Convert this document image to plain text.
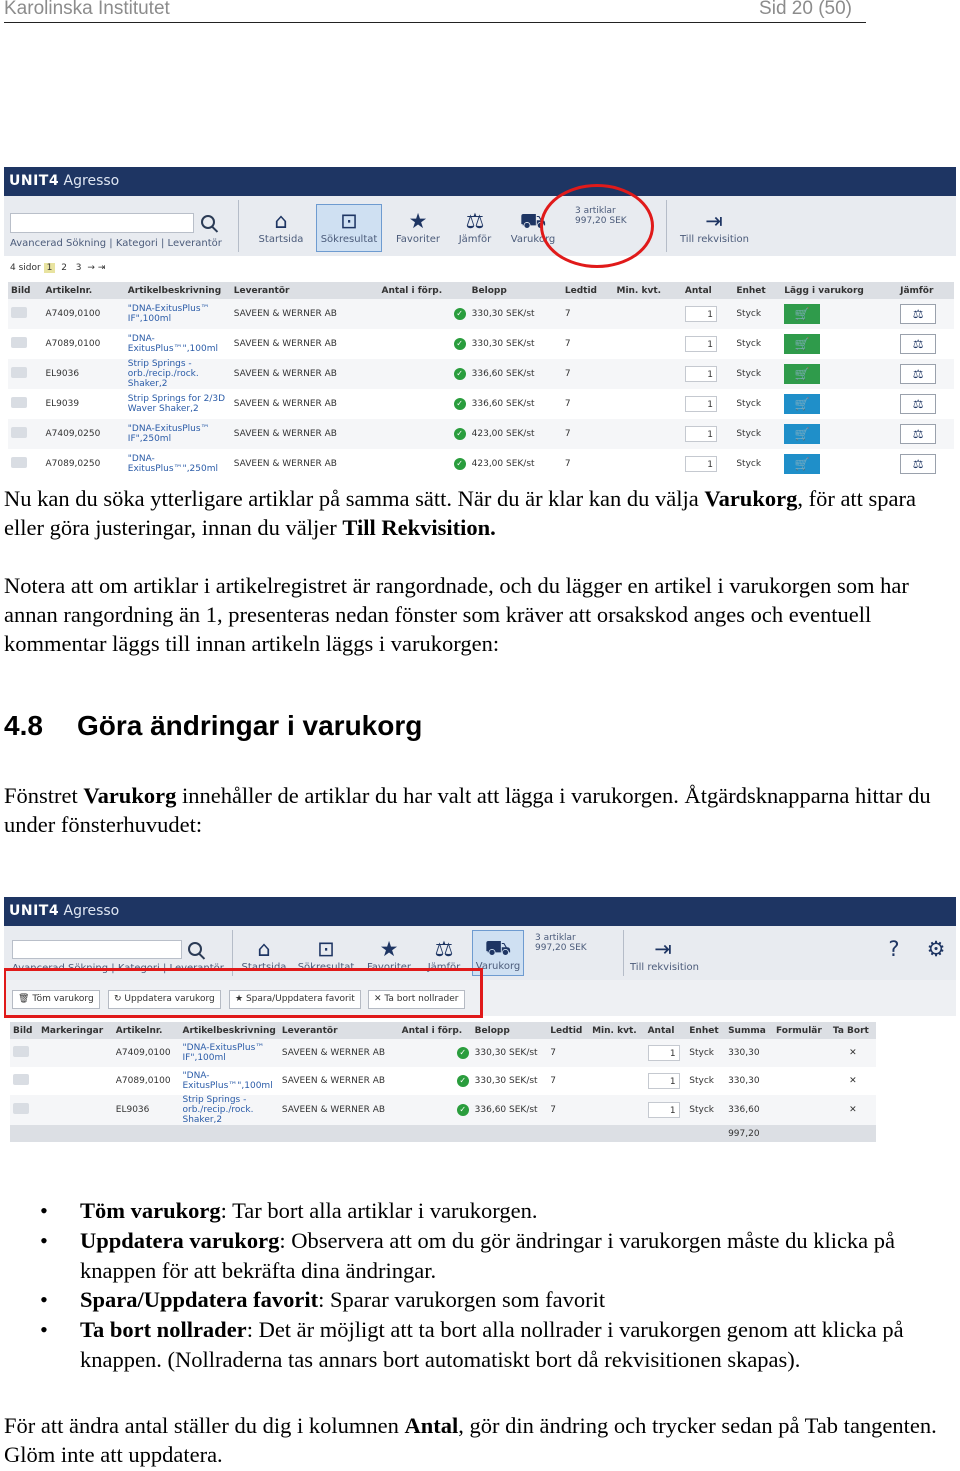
Karolinska Institutet	Sid 20 (50)
UNIT4 Agresso
Avancerad Sökning | Kategori | Leverantör
⌂
Startsida
⊡
Sökresultat
★
Favoriter
⚖
Jämför
⛟
Varukorg
3 artiklar
997,20 SEK	⇥
Till rekvisition
4 sidor 1 2 3 → ⇥
Bild	Artikelnr.	Artikelbeskrivning	Leverantör	Antal i förp.	Belopp	Ledtid	Min. kvt.	Antal	Enhet	Lägg i varukorg	Jämför
	A7409,0100	"DNA-ExitusPlus™ IF",100ml	SAVEEN & WERNER AB	✓	330,30 SEK/st	7		1	Styck	🛒	⚖
	A7089,0100	"DNA-ExitusPlus™",100ml	SAVEEN & WERNER AB	✓	330,30 SEK/st	7		1	Styck	🛒	⚖
	EL9036	Strip Springs -orb./recip./rock. Shaker,2	SAVEEN & WERNER AB	✓	336,60 SEK/st	7		1	Styck	🛒	⚖
	EL9039	Strip Springs for 2/3D Waver Shaker,2	SAVEEN & WERNER AB	✓	336,60 SEK/st	7		1	Styck	🛒	⚖
	A7409,0250	"DNA-ExitusPlus™ IF",250ml	SAVEEN & WERNER AB	✓	423,00 SEK/st	7		1	Styck	🛒	⚖
	A7089,0250	"DNA-ExitusPlus™",250ml	SAVEEN & WERNER AB	✓	423,00 SEK/st	7		1	Styck	🛒	⚖

Nu kan du söka ytterligare artiklar på samma sätt. När du är klar kan du välja Varukorg, för att spara eller göra justeringar, innan du väljer Till Rekvisition.

Notera att om artiklar i artikelregistret är rangordnade, och du lägger en artikel i varukorgen som har annan rangordning än 1, presenteras nedan fönster som kräver att orsakskod anges och eventuell kommentar läggs till innan artikeln läggs i varukorgen:

4.8 Göra ändringar i varukorg

Fönstret Varukorg innehåller de artiklar du har valt att lägga i varukorgen. Åtgärdsknapparna hittar du under fönsterhuvudet:

UNIT4 Agresso
Avancerad Sökning | Kategori | Leverantör
⌂
Startsida
⊡
Sökresultat
★
Favoriter
⚖
Jämför
⛟
Varukorg
3 artiklar
997,20 SEK	⇥
Till rekvisition
? ⚙
🗑 Töm varukorg	↻ Uppdatera varukorg	★ Spara/Uppdatera favorit	✕ Ta bort nollrader
Bild	Markeringar	Artikelnr.	Artikelbeskrivning	Leverantör	Antal i förp.	Belopp	Ledtid	Min. kvt.	Antal	Enhet	Summa	Formulär	Ta Bort
		A7409,0100	"DNA-ExitusPlus™ IF",100ml	SAVEEN & WERNER AB	✓	330,30 SEK/st	7		1	Styck	330,30		✕
		A7089,0100	"DNA-ExitusPlus™",100ml	SAVEEN & WERNER AB	✓	330,30 SEK/st	7		1	Styck	330,30		✕
		EL9036	Strip Springs -orb./recip./rock. Shaker,2	SAVEEN & WERNER AB	✓	336,60 SEK/st	7		1	Styck	336,60		✕
											997,20		
• Töm varukorg: Tar bort alla artiklar i varukorgen.
• Uppdatera varukorg: Observera att om du gör ändringar i varukorgen måste du klicka på knappen för att bekräfta dina ändringar.
• Spara/Uppdatera favorit: Sparar varukorgen som favorit
• Ta bort nollrader: Det är möjligt att ta bort alla nollrader i varukorgen genom att klicka på knappen. (Nollraderna tas annars bort automatiskt bort då rekvisitionen skapas).

För att ändra antal ställer du dig i kolumnen Antal, gör din ändring och trycker sedan på Tab tangenten. Glöm inte att uppdatera.
